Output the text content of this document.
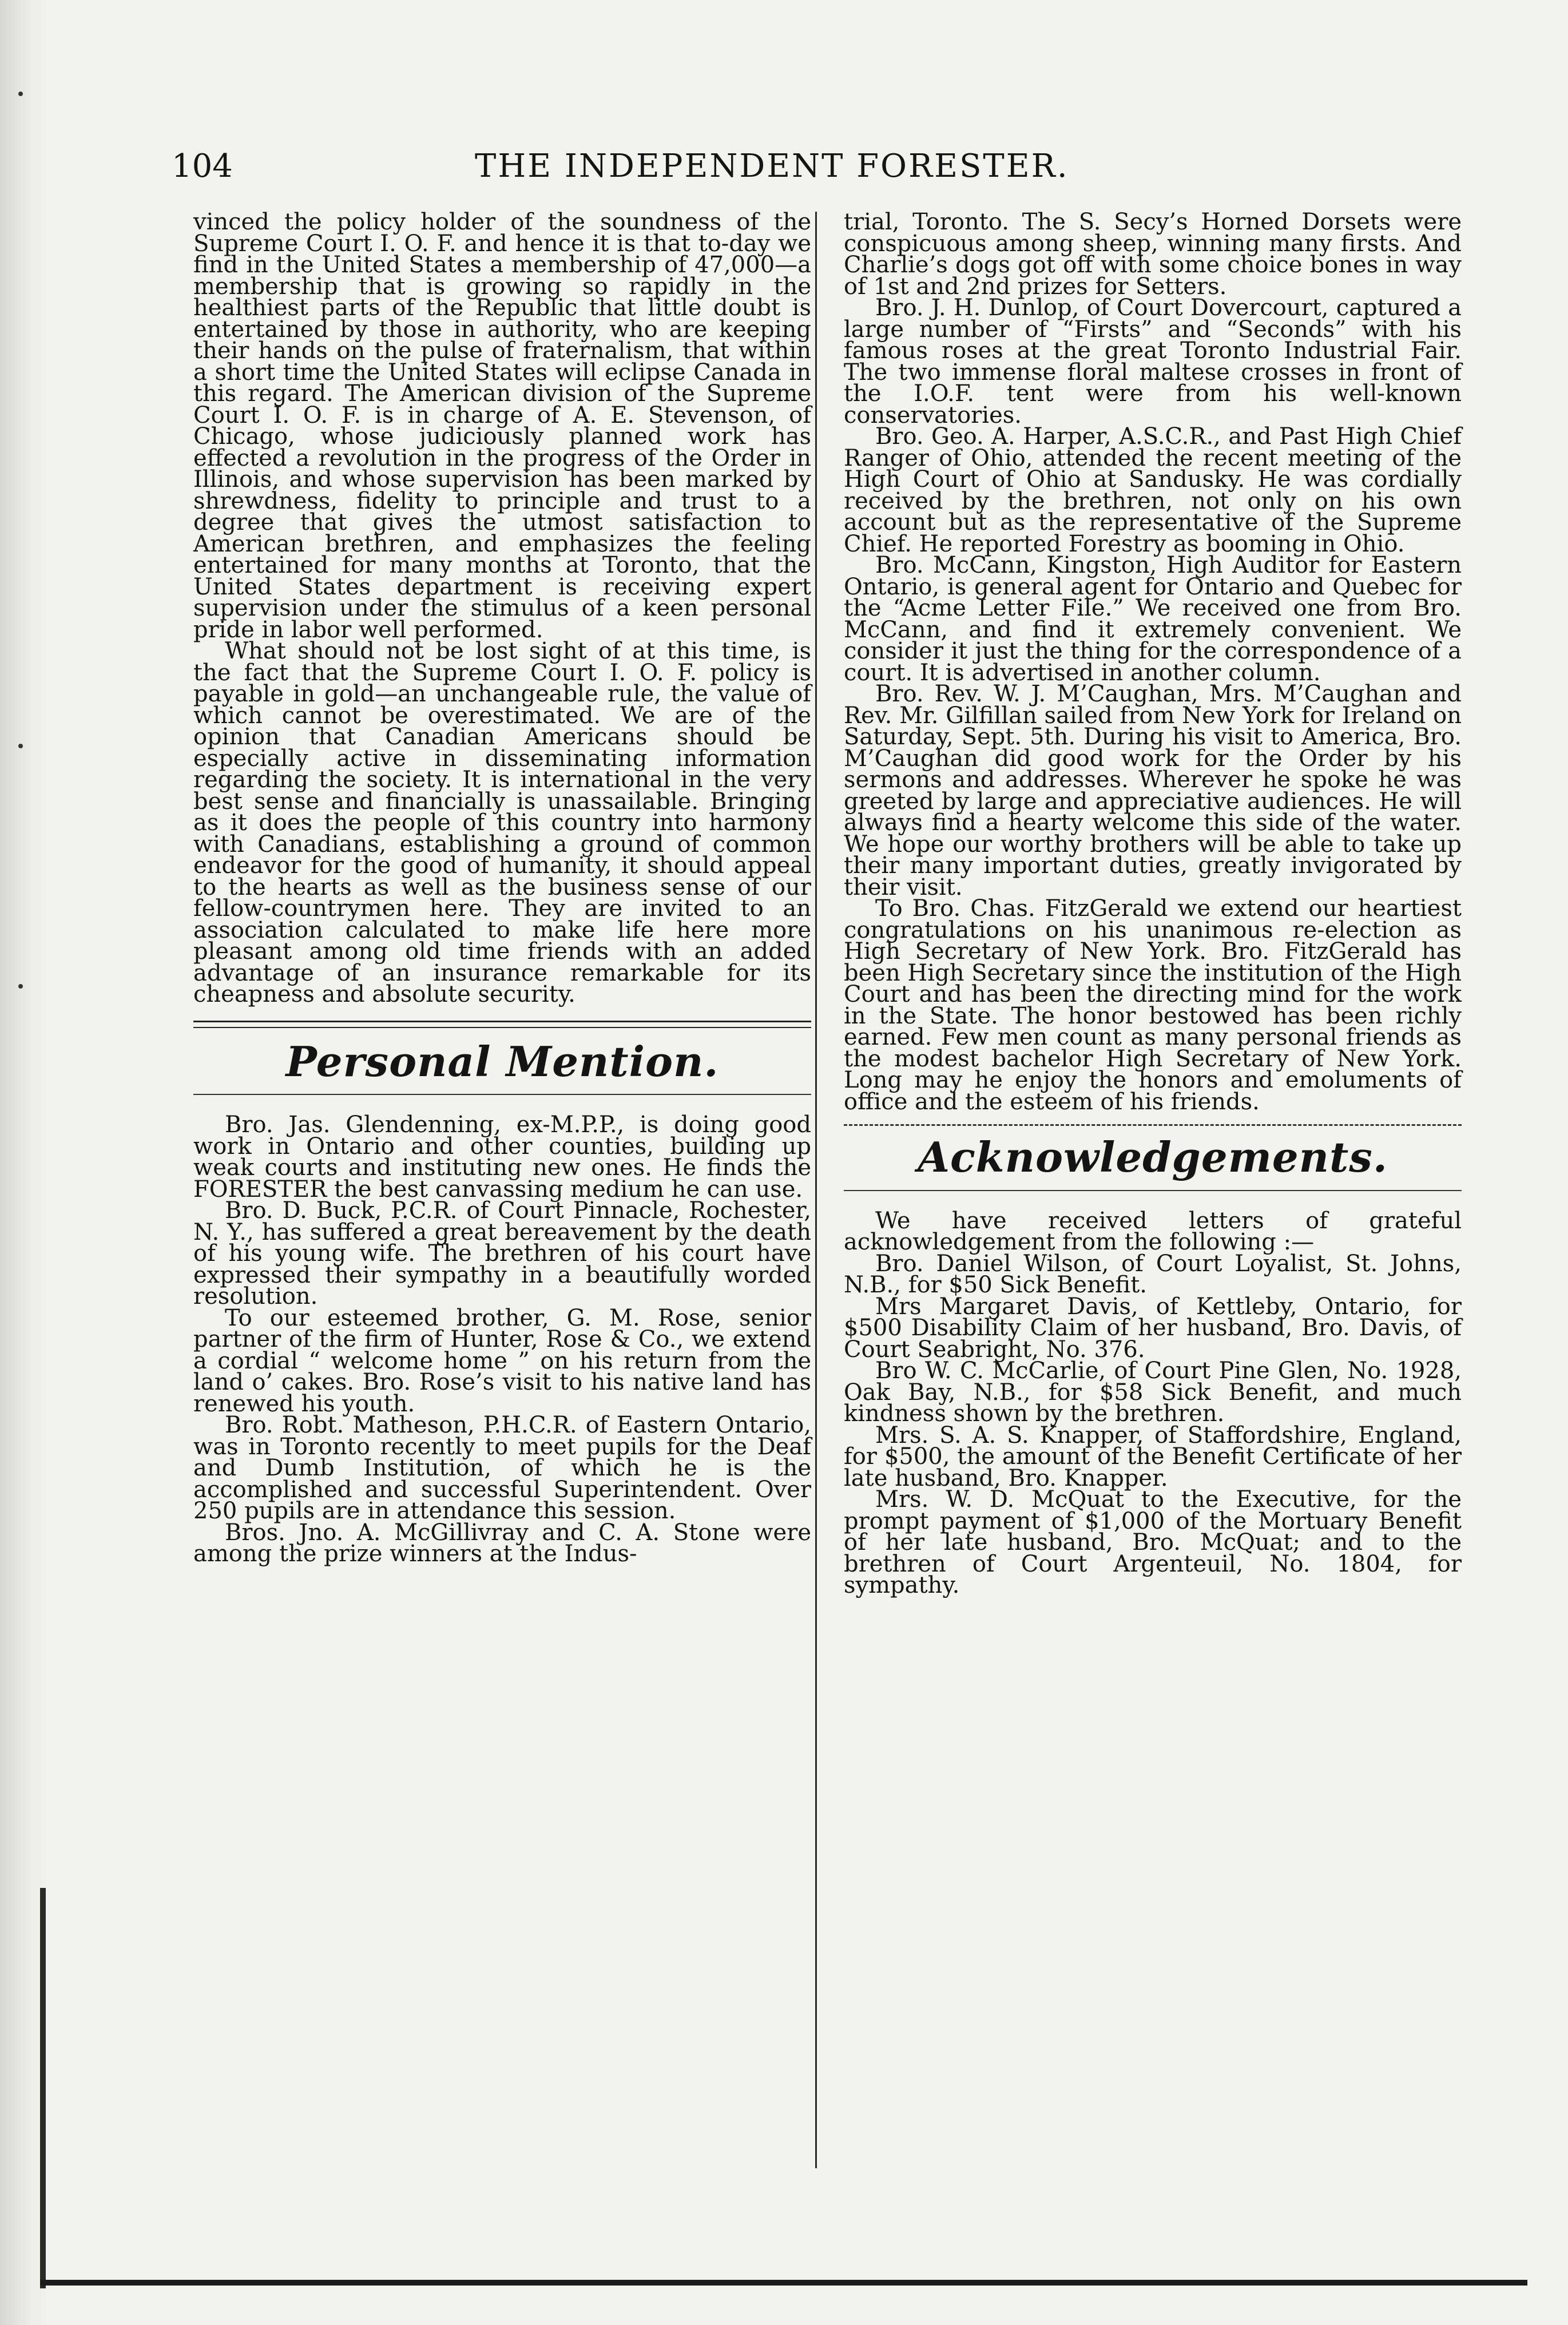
104	THE INDEPENDENT FORESTER.

vinced the policy holder of the soundness of the Supreme Court I. O. F. and hence it is that to-day we find in the United States a membership of 47,000—a membership that is growing so rapidly in the healthiest parts of the Republic that little doubt is entertained by those in authority, who are keeping their hands on the pulse of fraternalism, that within a short time the United States will eclipse Canada in this regard. The American division of the Supreme Court I. O. F. is in charge of A. E. Stevenson, of Chicago, whose judiciously planned work has effected a revolution in the progress of the Order in Illinois, and whose supervision has been marked by shrewdness, fidelity to principle and trust to a degree that gives the utmost satisfaction to American brethren, and emphasizes the feeling entertained for many months at Toronto, that the United States department is receiving expert supervision under the stimulus of a keen personal pride in labor well performed.

What should not be lost sight of at this time, is the fact that the Supreme Court I. O. F. policy is payable in gold—an unchangeable rule, the value of which cannot be overestimated. We are of the opinion that Canadian Americans should be especially active in disseminating information regarding the society. It is international in the very best sense and financially is unassailable. Bringing as it does the people of this country into harmony with Canadians, establishing a ground of common endeavor for the good of humanity, it should appeal to the hearts as well as the business sense of our fellow-countrymen here. They are invited to an association calculated to make life here more pleasant among old time friends with an added advantage of an insurance remarkable for its cheapness and absolute security.

Personal Mention.

Bro. Jas. Glendenning, ex-M.P.P., is doing good work in Ontario and other counties, building up weak courts and instituting new ones. He finds the FORESTER the best canvassing medium he can use.

Bro. D. Buck, P.C.R. of Court Pinnacle, Rochester, N. Y., has suffered a great bereavement by the death of his young wife. The brethren of his court have expressed their sympathy in a beautifully worded resolution.

To our esteemed brother, G. M. Rose, senior partner of the firm of Hunter, Rose & Co., we extend a cordial “ welcome home ” on his return from the land o’ cakes. Bro. Rose’s visit to his native land has renewed his youth.

Bro. Robt. Matheson, P.H.C.R. of Eastern Ontario, was in Toronto recently to meet pupils for the Deaf and Dumb Institution, of which he is the accomplished and successful Superintendent. Over 250 pupils are in attendance this session.

Bros. Jno. A. McGillivray and C. A. Stone were among the prize winners at the Indus-

trial, Toronto. The S. Secy’s Horned Dorsets were conspicuous among sheep, winning many firsts. And Charlie’s dogs got off with some choice bones in way of 1st and 2nd prizes for Setters.

Bro. J. H. Dunlop, of Court Dovercourt, captured a large number of “Firsts” and “Seconds” with his famous roses at the great Toronto Industrial Fair. The two immense floral maltese crosses in front of the I.O.F. tent were from his well-known conservatories.

Bro. Geo. A. Harper, A.S.C.R., and Past High Chief Ranger of Ohio, attended the recent meeting of the High Court of Ohio at Sandusky. He was cordially received by the brethren, not only on his own account but as the representative of the Supreme Chief. He reported Forestry as booming in Ohio.

Bro. McCann, Kingston, High Auditor for Eastern Ontario, is general agent for Ontario and Quebec for the “Acme Letter File.” We received one from Bro. McCann, and find it extremely convenient. We consider it just the thing for the correspondence of a court. It is advertised in another column.

Bro. Rev. W. J. M’Caughan, Mrs. M’Caughan and Rev. Mr. Gilfillan sailed from New York for Ireland on Saturday, Sept. 5th. During his visit to America, Bro. M’Caughan did good work for the Order by his sermons and addresses. Wherever he spoke he was greeted by large and appreciative audiences. He will always find a hearty welcome this side of the water. We hope our worthy brothers will be able to take up their many important duties, greatly invigorated by their visit.

To Bro. Chas. FitzGerald we extend our heartiest congratulations on his unanimous re-election as High Secretary of New York. Bro. FitzGerald has been High Secretary since the institution of the High Court and has been the directing mind for the work in the State. The honor bestowed has been richly earned. Few men count as many personal friends as the modest bachelor High Secretary of New York. Long may he enjoy the honors and emoluments of office and the esteem of his friends.

Acknowledgements.

We have received letters of grateful acknowledgement from the following :—

Bro. Daniel Wilson, of Court Loyalist, St. Johns, N.B., for $50 Sick Benefit.

Mrs Margaret Davis, of Kettleby, Ontario, for $500 Disability Claim of her husband, Bro. Davis, of Court Seabright, No. 376.

Bro W. C. McCarlie, of Court Pine Glen, No. 1928, Oak Bay, N.B., for $58 Sick Benefit, and much kindness shown by the brethren.

Mrs. S. A. S. Knapper, of Staffordshire, England, for $500, the amount of the Benefit Certificate of her late husband, Bro. Knapper.

Mrs. W. D. McQuat to the Executive, for the prompt payment of $1,000 of the Mortuary Benefit of her late husband, Bro. McQuat; and to the brethren of Court Argenteuil, No. 1804, for sympathy.
